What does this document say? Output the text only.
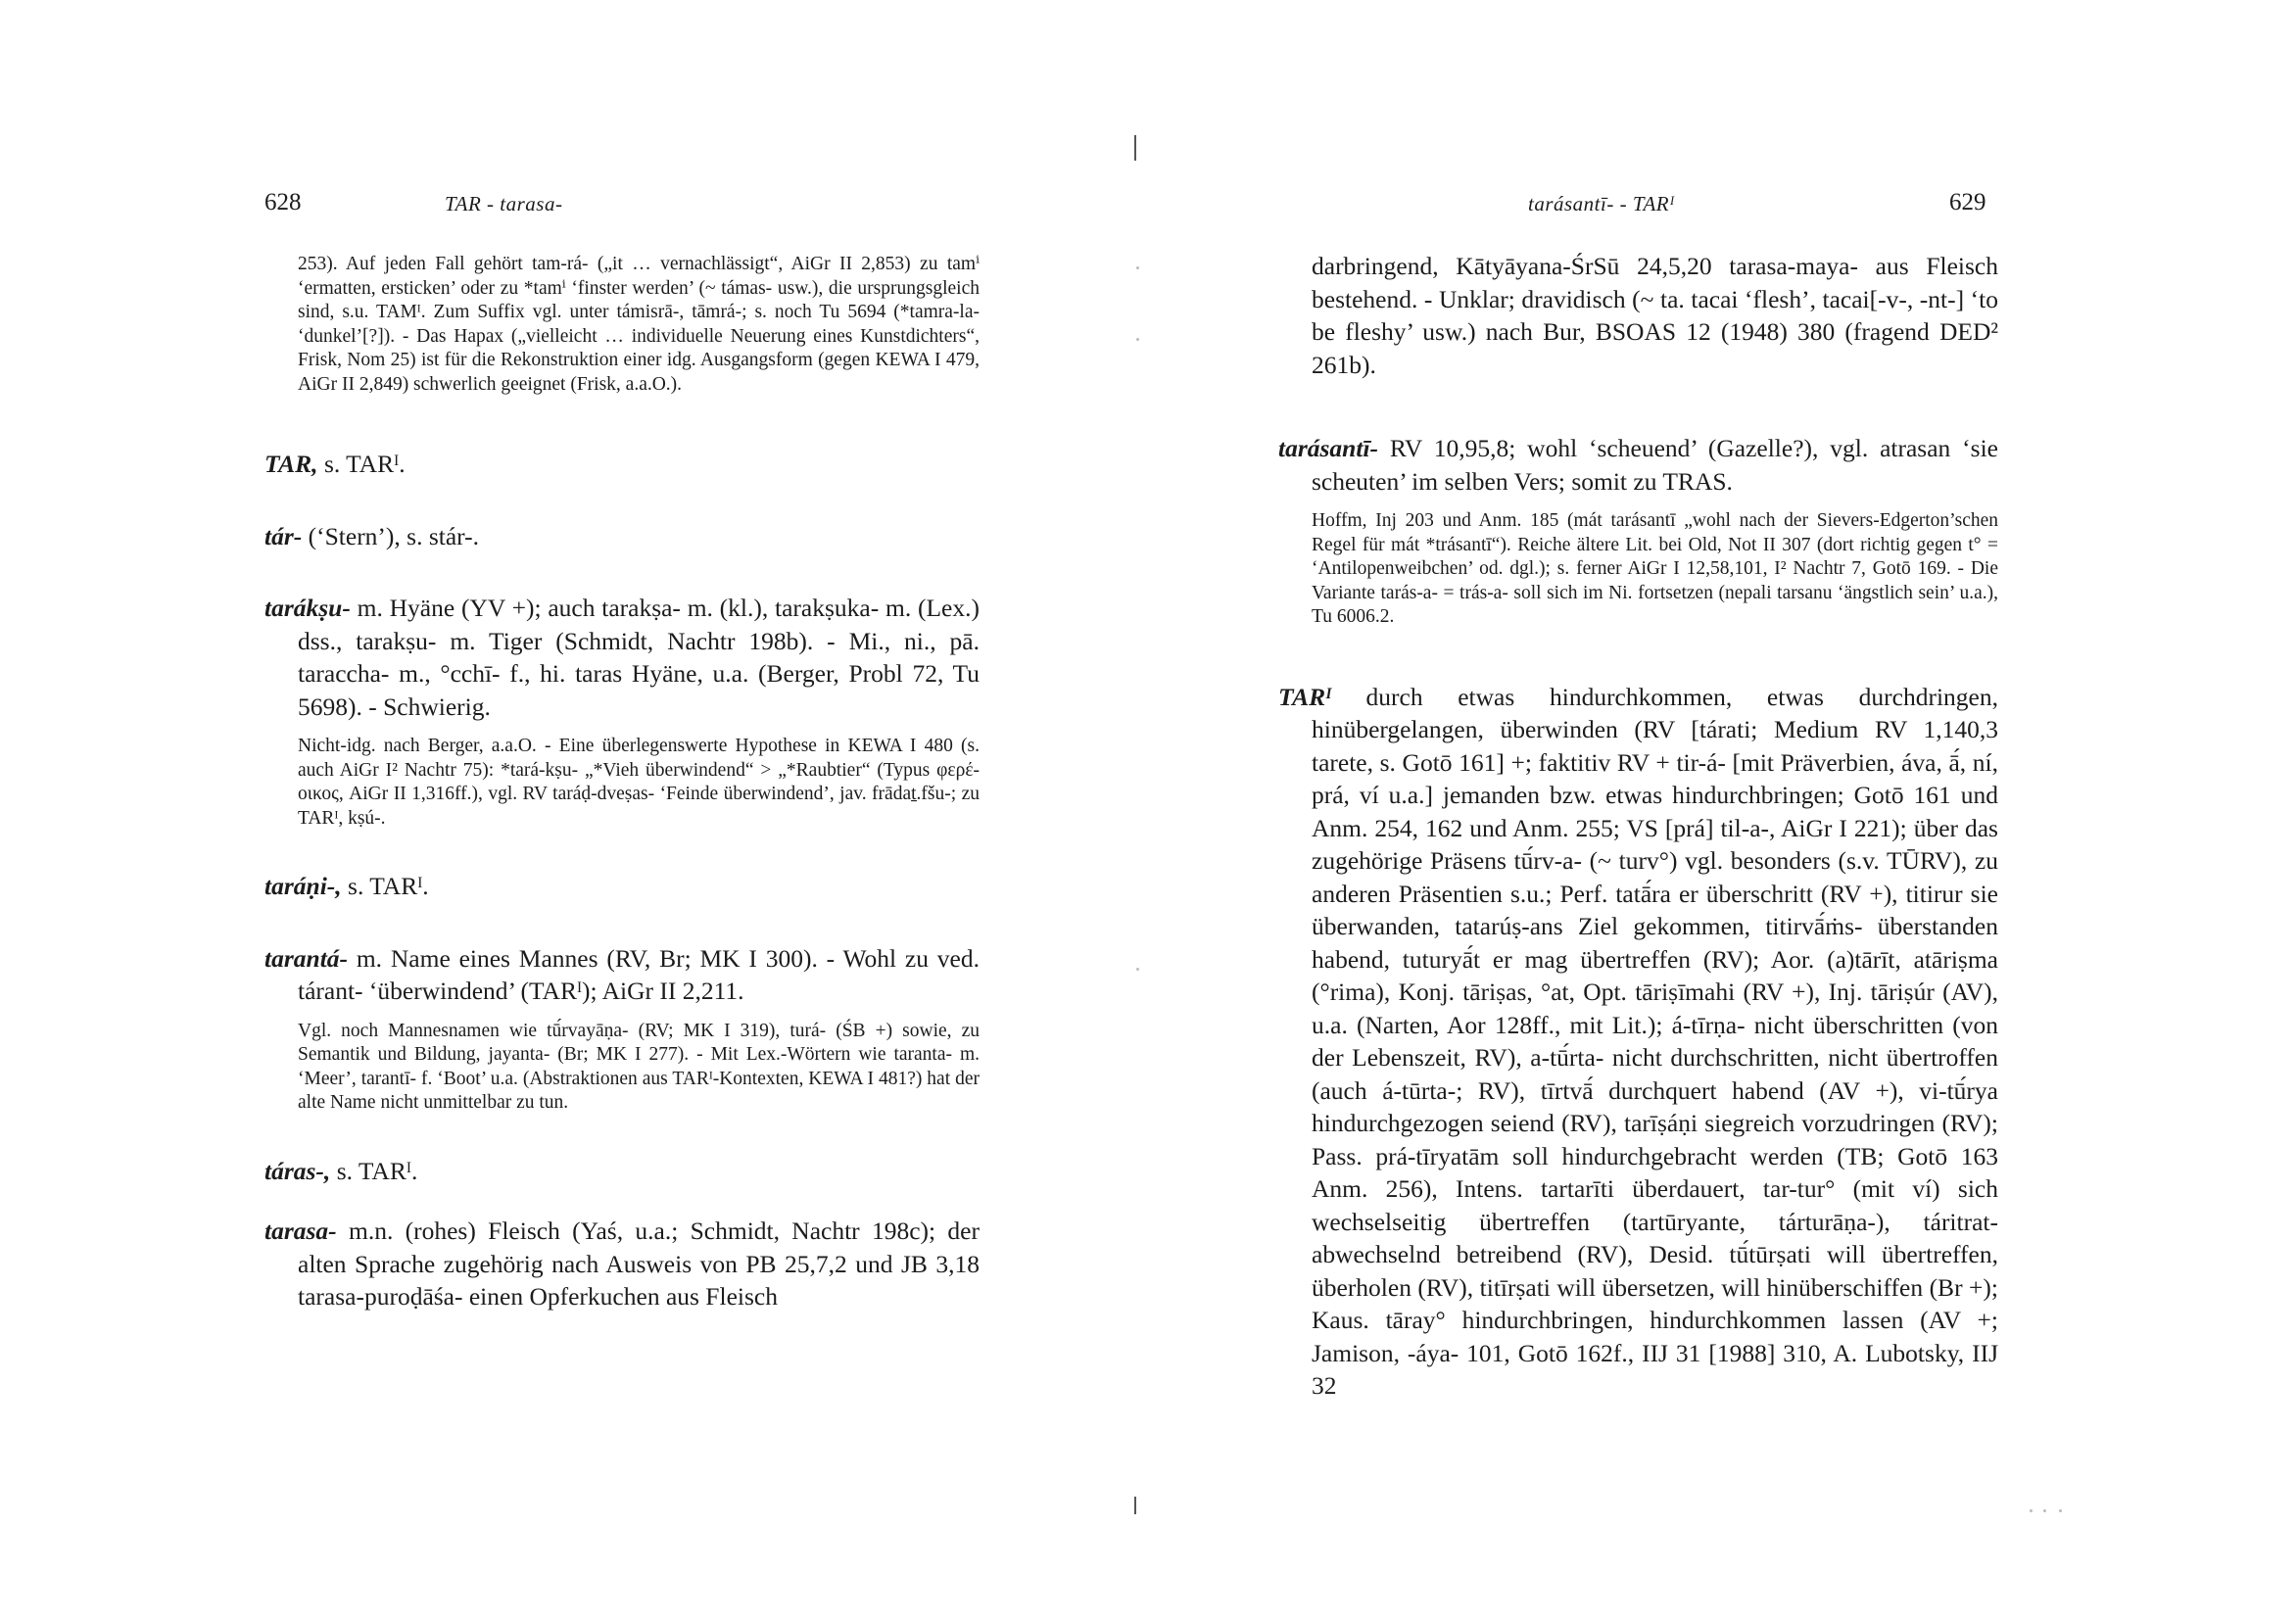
628	TAR - tarasa-

253). Auf jeden Fall gehört tam-rá- („it … vernachlässigt“, AiGr II 2,853) zu tamⁱ ‘ermatten, ersticken’ oder zu *tamⁱ ‘finster werden’ (~ támas- usw.), die ursprungsgleich sind, s.u. TAMᴵ. Zum Suffix vgl. unter támisrā-, tāmrá-; s. noch Tu 5694 (*tamra-la- ‘dunkel’[?]). - Das Hapax („vielleicht … individuelle Neuerung eines Kunstdichters“, Frisk, Nom 25) ist für die Rekonstruktion einer idg. Ausgangsform (gegen KEWA I 479, AiGr II 2,849) schwerlich geeignet (Frisk, a.a.O.).

TAR, s. TARᴵ.

tár- (‘Stern’), s. stár-.

tarákṣu- m. Hyäne (YV +); auch tarakṣa- m. (kl.), tarakṣuka- m. (Lex.) dss., tarakṣu- m. Tiger (Schmidt, Nachtr 198b). - Mi., ni., pā. taraccha- m., °cchī- f., hi. taras Hyäne, u.a. (Berger, Probl 72, Tu 5698). - Schwierig.

Nicht-idg. nach Berger, a.a.O. - Eine überlegenswerte Hypothese in KEWA I 480 (s. auch AiGr I² Nachtr 75): *tará-kṣu- „*Vieh überwindend“ > „*Raubtier“ (Typus φερέ-οικος, AiGr II 1,316ff.), vgl. RV taráḍ-dveṣas- ‘Feinde überwindend’, jav. frādaṯ.fšu-; zu TARᴵ, kṣú-.

taráṇi-, s. TARᴵ.

tarantá- m. Name eines Mannes (RV, Br; MK I 300). - Wohl zu ved. tárant- ‘überwindend’ (TARᴵ); AiGr II 2,211.

Vgl. noch Mannesnamen wie tū́rvayāṇa- (RV; MK I 319), turá- (ŚB +) sowie, zu Semantik und Bildung, jayanta- (Br; MK I 277). - Mit Lex.-Wörtern wie taranta- m. ‘Meer’, tarantī- f. ‘Boot’ u.a. (Abstraktionen aus TARᴵ-Kontexten, KEWA I 481?) hat der alte Name nicht unmittelbar zu tun.

táras-, s. TARᴵ.

tarasa- m.n. (rohes) Fleisch (Yaś, u.a.; Schmidt, Nachtr 198c); der alten Sprache zugehörig nach Ausweis von PB 25,7,2 und JB 3,18 tarasa-puroḍāśa- einen Opferkuchen aus Fleisch

tarásantī- - TARᴵ	629

darbringend, Kātyāyana-ŚrSū 24,5,20 tarasa-maya- aus Fleisch bestehend. - Unklar; dravidisch (~ ta. tacai ‘flesh’, tacai[-v-, -nt-] ‘to be fleshy’ usw.) nach Bur, BSOAS 12 (1948) 380 (fragend DED² 261b).

tarásantī- RV 10,95,8; wohl ‘scheuend’ (Gazelle?), vgl. atrasan ‘sie scheuten’ im selben Vers; somit zu TRAS.

Hoffm, Inj 203 und Anm. 185 (mát tarásantī „wohl nach der Sievers-Edgerton’schen Regel für mát *trásantī“). Reiche ältere Lit. bei Old, Not II 307 (dort richtig gegen t° = ‘Antilopenweibchen’ od. dgl.); s. ferner AiGr I 12,58,101, I² Nachtr 7, Gotō 169. - Die Variante tarás-a- = trás-a- soll sich im Ni. fortsetzen (nepali tarsanu ‘ängstlich sein’ u.a.), Tu 6006.2.

TARᴵ durch etwas hindurchkommen, etwas durchdringen, hinübergelangen, überwinden (RV [tárati; Medium RV 1,140,3 tarete, s. Gotō 161] +; faktitiv RV + tir-á- [mit Präverbien, áva, ā́, ní, prá, ví u.a.] jemanden bzw. etwas hindurchbringen; Gotō 161 und Anm. 254, 162 und Anm. 255; VS [prá] til-a-, AiGr I 221); über das zugehörige Präsens tū́rv-a- (~ turv°) vgl. besonders (s.v. TŪRV), zu anderen Präsentien s.u.; Perf. tatā́ra er überschritt (RV +), titirur sie überwanden, tatarúṣ-ans Ziel gekommen, titirvā́ṁs- überstanden habend, tuturyā́t er mag übertreffen (RV); Aor. (a)tārīt, atāriṣma (°rima), Konj. tāriṣas, °at, Opt. tāriṣīmahi (RV +), Inj. tāriṣúr (AV), u.a. (Narten, Aor 128ff., mit Lit.); á-tīrṇa- nicht überschritten (von der Lebenszeit, RV), a-tū́rta- nicht durchschritten, nicht übertroffen (auch á-tūrta-; RV), tīrtvā́ durchquert habend (AV +), vi-tū́rya hindurchgezogen seiend (RV), tarīṣáṇi siegreich vorzudringen (RV); Pass. prá-tīryatām soll hindurchgebracht werden (TB; Gotō 163 Anm. 256), Intens. tartarīti überdauert, tar-tur° (mit ví) sich wechselseitig übertreffen (tartūryante, tárturāṇa-), táritrat- abwechselnd betreibend (RV), Desid. tū́tūrṣati will übertreffen, überholen (RV), titīrṣati will übersetzen, will hinüberschiffen (Br +); Kaus. tāray° hindurchbringen, hindurchkommen lassen (AV +; Jamison, -áya- 101, Gotō 162f., IIJ 31 [1988] 310, A. Lubotsky, IIJ 32
